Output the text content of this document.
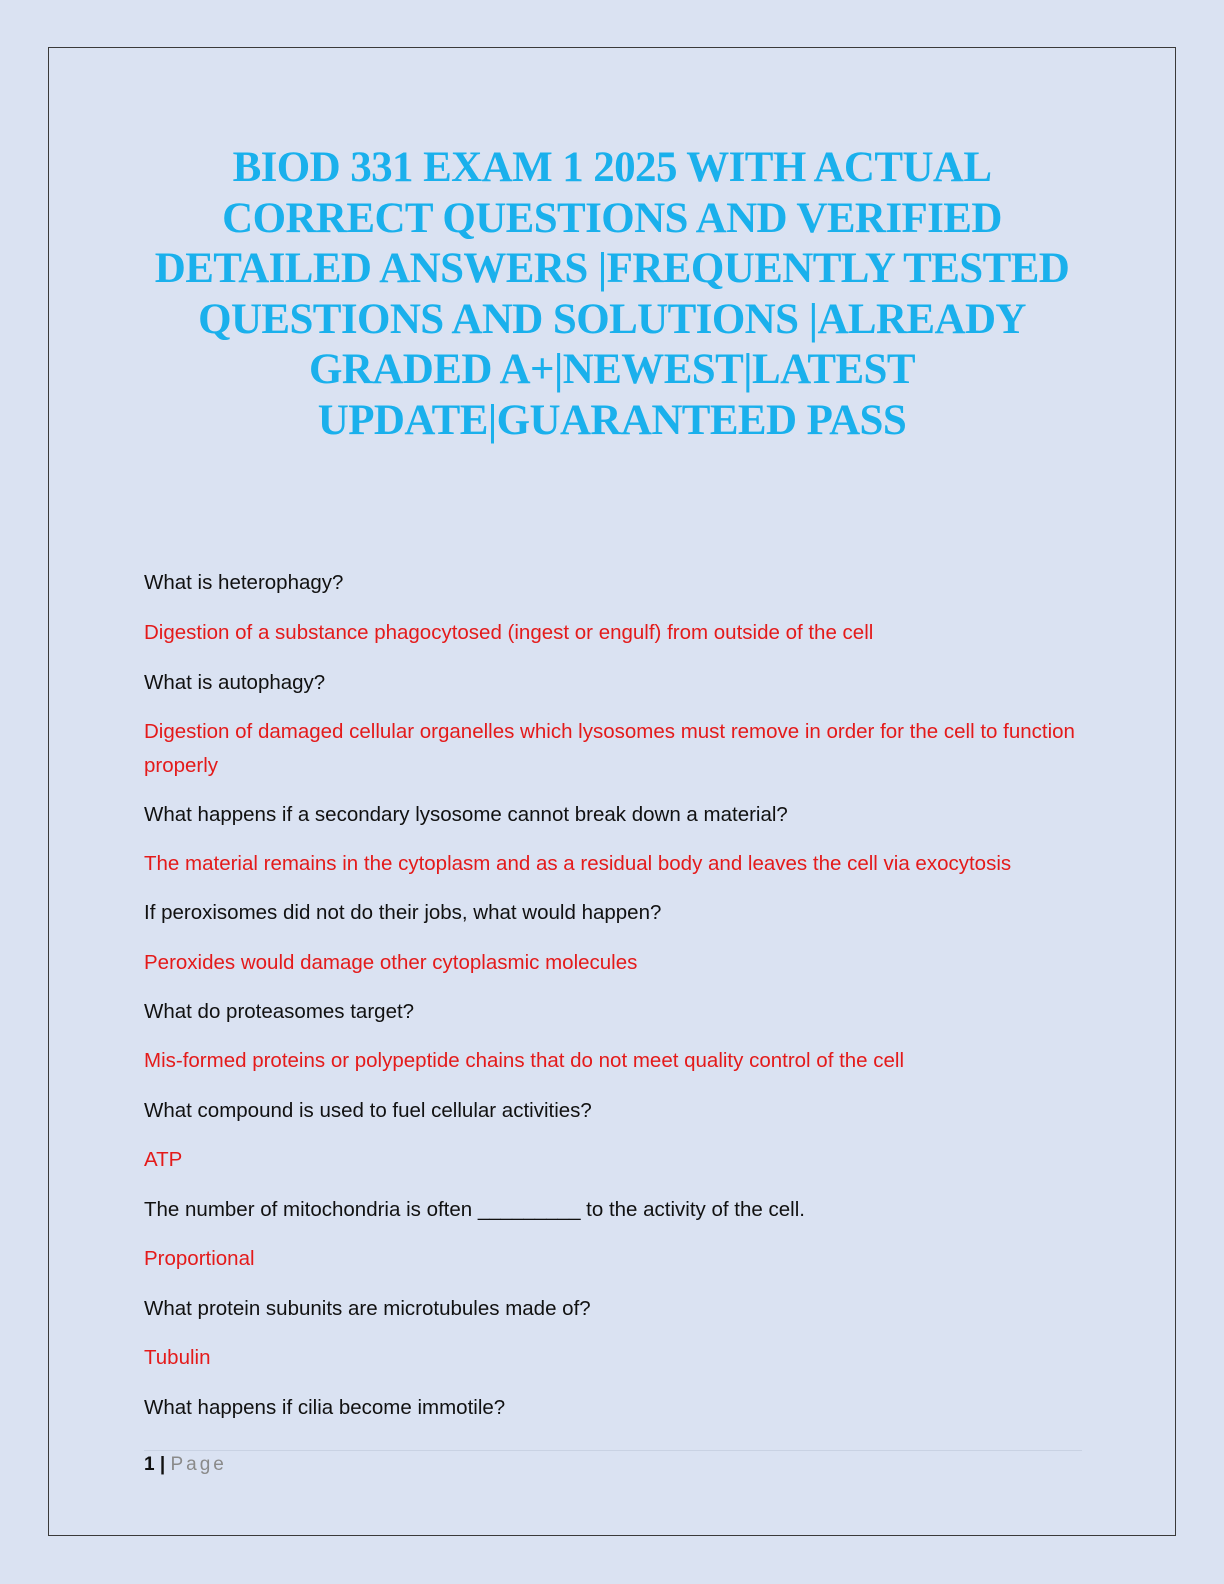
BIOD 331 EXAM 1 2025 WITH ACTUAL CORRECT QUESTIONS AND VERIFIED DETAILED ANSWERS |FREQUENTLY TESTED QUESTIONS AND SOLUTIONS |ALREADY GRADED A+|NEWEST|LATEST UPDATE|GUARANTEED PASS

What is heterophagy?

Digestion of a substance phagocytosed (ingest or engulf) from outside of the cell

What is autophagy?

Digestion of damaged cellular organelles which lysosomes must remove in order for the cell to function properly

What happens if a secondary lysosome cannot break down a material?

The material remains in the cytoplasm and as a residual body and leaves the cell via exocytosis

If peroxisomes did not do their jobs, what would happen?

Peroxides would damage other cytoplasmic molecules

What do proteasomes target?

Mis-formed proteins or polypeptide chains that do not meet quality control of the cell

What compound is used to fuel cellular activities?

ATP

The number of mitochondria is often _________ to the activity of the cell.

Proportional

What protein subunits are microtubules made of?

Tubulin

What happens if cilia become immotile?

1 | Page
